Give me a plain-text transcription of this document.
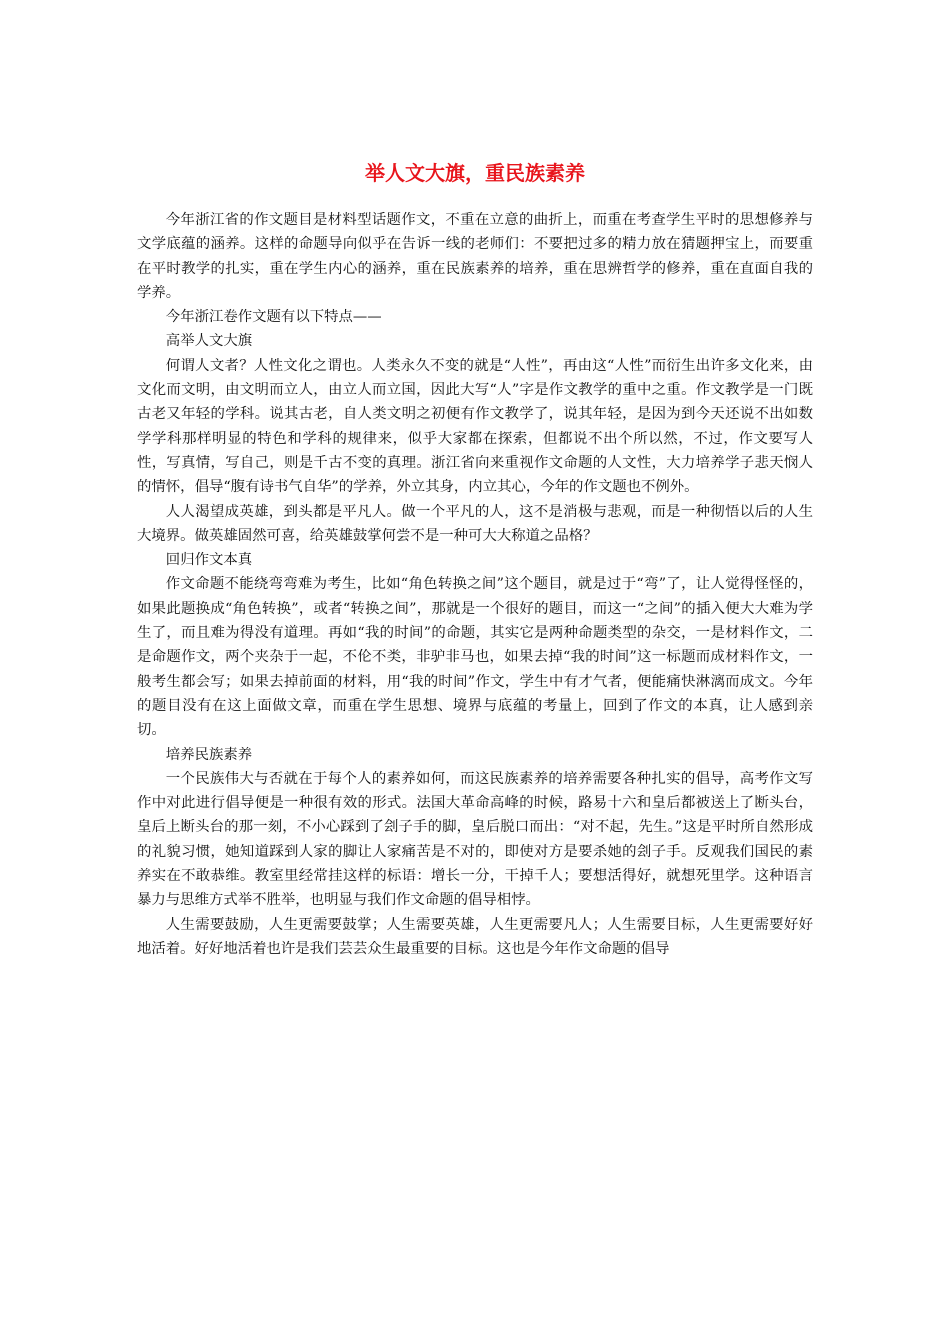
举人文大旗，重民族素养

今年浙江省的作文题目是材料型话题作文，不重在立意的曲折上，而重在考查学生平时的思想修养与文学底蕴的涵养。这样的命题导向似乎在告诉一线的老师们：不要把过多的精力放在猜题押宝上，而要重在平时教学的扎实，重在学生内心的涵养，重在民族素养的培养，重在思辨哲学的修养，重在直面自我的学养。

今年浙江卷作文题有以下特点——

高举人文大旗

何谓人文者？人性文化之谓也。人类永久不变的就是“人性”，再由这“人性”而衍生出许多文化来，由文化而文明，由文明而立人，由立人而立国，因此大写“人”字是作文教学的重中之重。作文教学是一门既古老又年轻的学科。说其古老，自人类文明之初便有作文教学了，说其年轻，是因为到今天还说不出如数学学科那样明显的特色和学科的规律来，似乎大家都在探索，但都说不出个所以然，不过，作文要写人性，写真情，写自己，则是千古不变的真理。浙江省向来重视作文命题的人文性，大力培养学子悲天悯人的情怀，倡导“腹有诗书气自华”的学养，外立其身，内立其心，今年的作文题也不例外。

人人渴望成英雄，到头都是平凡人。做一个平凡的人，这不是消极与悲观，而是一种彻悟以后的人生大境界。做英雄固然可喜，给英雄鼓掌何尝不是一种可大大称道之品格？

回归作文本真

作文命题不能绕弯弯难为考生，比如“角色转换之间”这个题目，就是过于“弯”了，让人觉得怪怪的，如果此题换成“角色转换”，或者“转换之间”，那就是一个很好的题目，而这一“之间”的插入便大大难为学生了，而且难为得没有道理。再如“我的时间”的命题，其实它是两种命题类型的杂交，一是材料作文，二是命题作文，两个夹杂于一起，不伦不类，非驴非马也，如果去掉“我的时间”这一标题而成材料作文，一般考生都会写；如果去掉前面的材料，用“我的时间”作文，学生中有才气者，便能痛快淋漓而成文。今年的题目没有在这上面做文章，而重在学生思想、境界与底蕴的考量上，回到了作文的本真，让人感到亲切。

培养民族素养

一个民族伟大与否就在于每个人的素养如何，而这民族素养的培养需要各种扎实的倡导，高考作文写作中对此进行倡导便是一种很有效的形式。法国大革命高峰的时候，路易十六和皇后都被送上了断头台，皇后上断头台的那一刻，不小心踩到了刽子手的脚，皇后脱口而出：“对不起，先生。”这是平时所自然形成的礼貌习惯，她知道踩到人家的脚让人家痛苦是不对的，即使对方是要杀她的刽子手。反观我们国民的素养实在不敢恭维。教室里经常挂这样的标语：增长一分，干掉千人；要想活得好，就想死里学。这种语言暴力与思维方式举不胜举，也明显与我们作文命题的倡导相悖。

人生需要鼓励，人生更需要鼓掌；人生需要英雄，人生更需要凡人；人生需要目标，人生更需要好好地活着。好好地活着也许是我们芸芸众生最重要的目标。这也是今年作文命题的倡导
